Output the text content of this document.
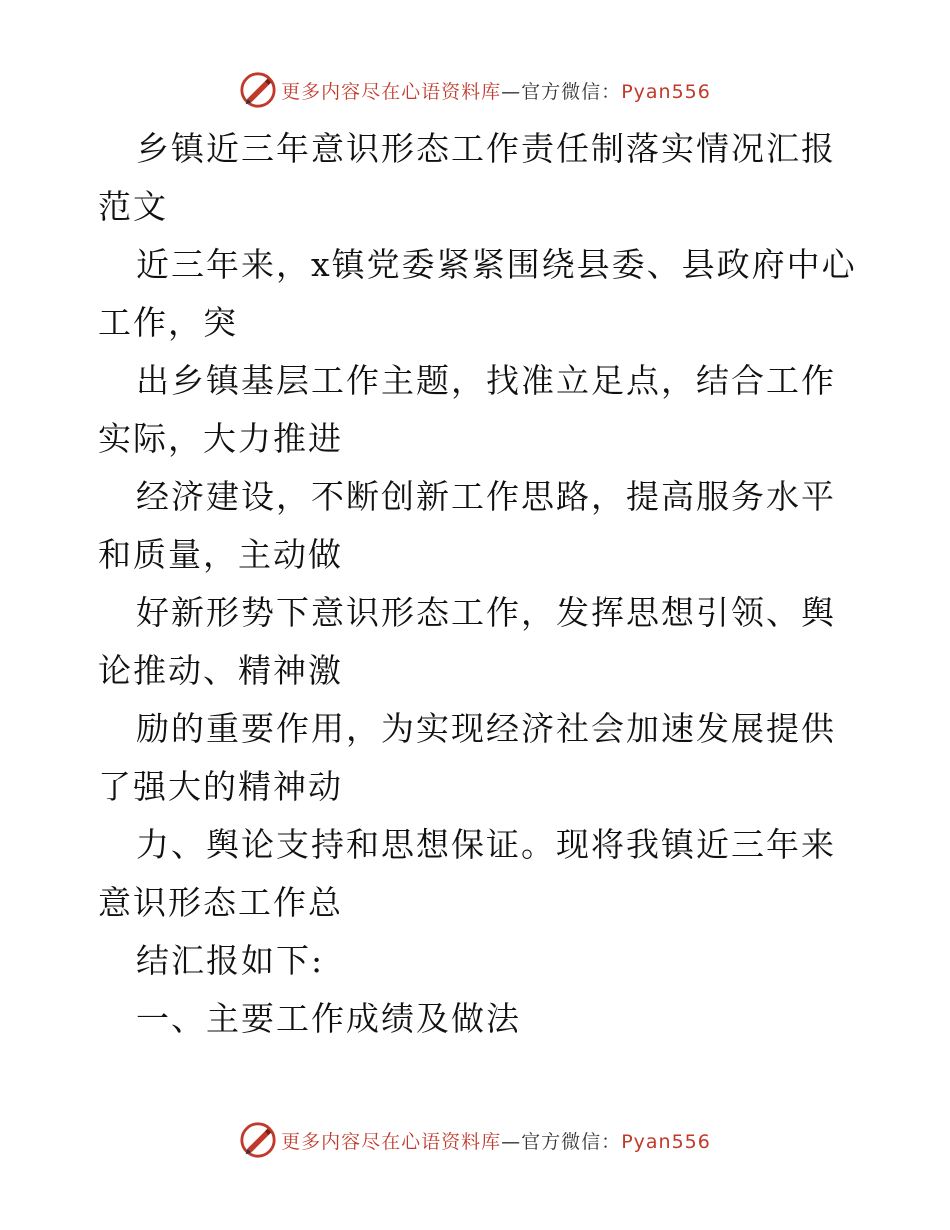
更多内容尽在心语资料库—官方微信：Pyan556

乡镇近三年意识形态工作责任制落实情况汇报范文

近三年来，x镇党委紧紧围绕县委、县政府中心工作，突

出乡镇基层工作主题，找准立足点，结合工作实际，大力推进

经济建设，不断创新工作思路，提高服务水平和质量，主动做

好新形势下意识形态工作，发挥思想引领、舆论推动、精神激

励的重要作用，为实现经济社会加速发展提供了强大的精神动

力、舆论支持和思想保证。现将我镇近三年来意识形态工作总

结汇报如下:

一、主要工作成绩及做法

更多内容尽在心语资料库—官方微信：Pyan556
